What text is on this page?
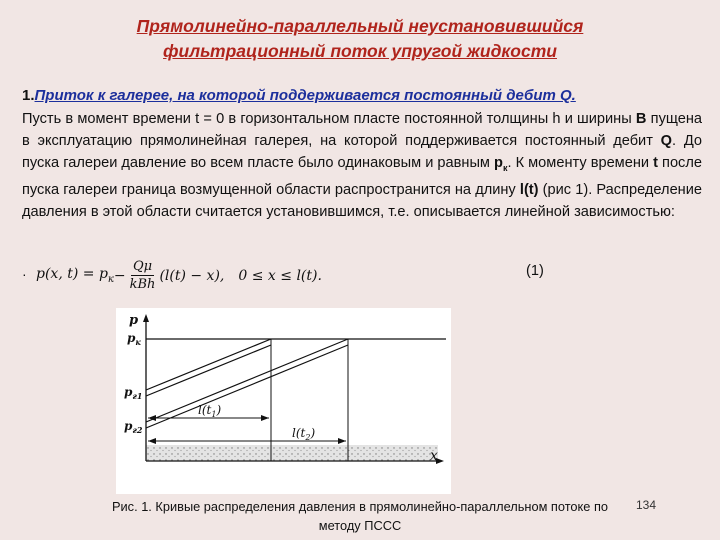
Прямолинейно-параллельный неустановившийся
фильтрационный поток упругой жидкости
1.Приток к галерее, на которой поддерживается постоянный дебит Q.
Пусть в момент времени t = 0 в горизонтальном пласте постоянной толщины h и ширины B пущена в эксплуатацию прямолинейная галерея, на которой поддерживается постоянный дебит Q. До пуска галереи давление во всем пласте было одинаковым и равным $p_к$. К моменту времени t после пуска галереи граница возмущенной области распространится на длину l(t) (рис 1). Распределение давления в этой области считается установившимся, т.е. описывается линейной зависимостью:
· p(x, $t) = p_к - \frac{Q\mu}{\text{kBh}} (l(t) - x)$, 0 ≤ x ≤ l(t).	(1)
p
$p_к$
$p_{г1}$
$p_{г2}$
x
$l(t_1)$
$l(t_2)$
Рис. 1. Кривые распределения давления в прямолинейно-параллельном потоке по
методу ПССС
134
